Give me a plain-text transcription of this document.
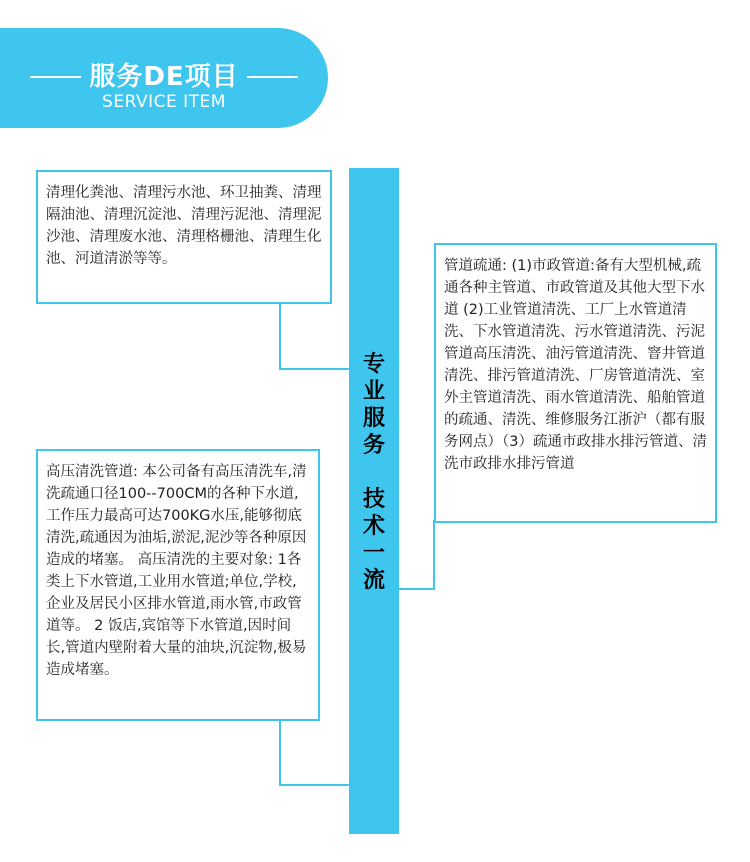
服务DE项目
SERVICE ITEM
专
业
服
务

技
术
一
流
清理化粪池、清理污水池、环卫抽粪、清理隔油池、清理沉淀池、清理污泥池、清理泥沙池、清理废水池、清理格栅池、清理生化池、河道清淤等等。	管道疏通: (1)市政管道:备有大型机械,疏通各种主管道、市政管道及其他大型下水道 (2)工业管道清洗、工厂上水管道清洗、下水管道清洗、污水管道清洗、污泥管道高压清洗、油污管道清洗、窨井管道清洗、排污管道清洗、厂房管道清洗、室外主管道清洗、雨水管道清洗、船舶管道的疏通、清洗、维修服务江浙沪（都有服务网点）（3）疏通市政排水排污管道、清洗市政排水排污管道
高压清洗管道: 本公司备有高压清洗车,清洗疏通口径100--700CM的各种下水道,工作压力最高可达700KG水压,能够彻底清洗,疏通因为油垢,淤泥,泥沙等各种原因造成的堵塞。 高压清洗的主要对象: 1各类上下水管道,工业用水管道;单位,学校,企业及居民小区排水管道,雨水管,市政管道等。 2 饭店,宾馆等下水管道,因时间长,管道内壁附着大量的油块,沉淀物,极易造成堵塞。
